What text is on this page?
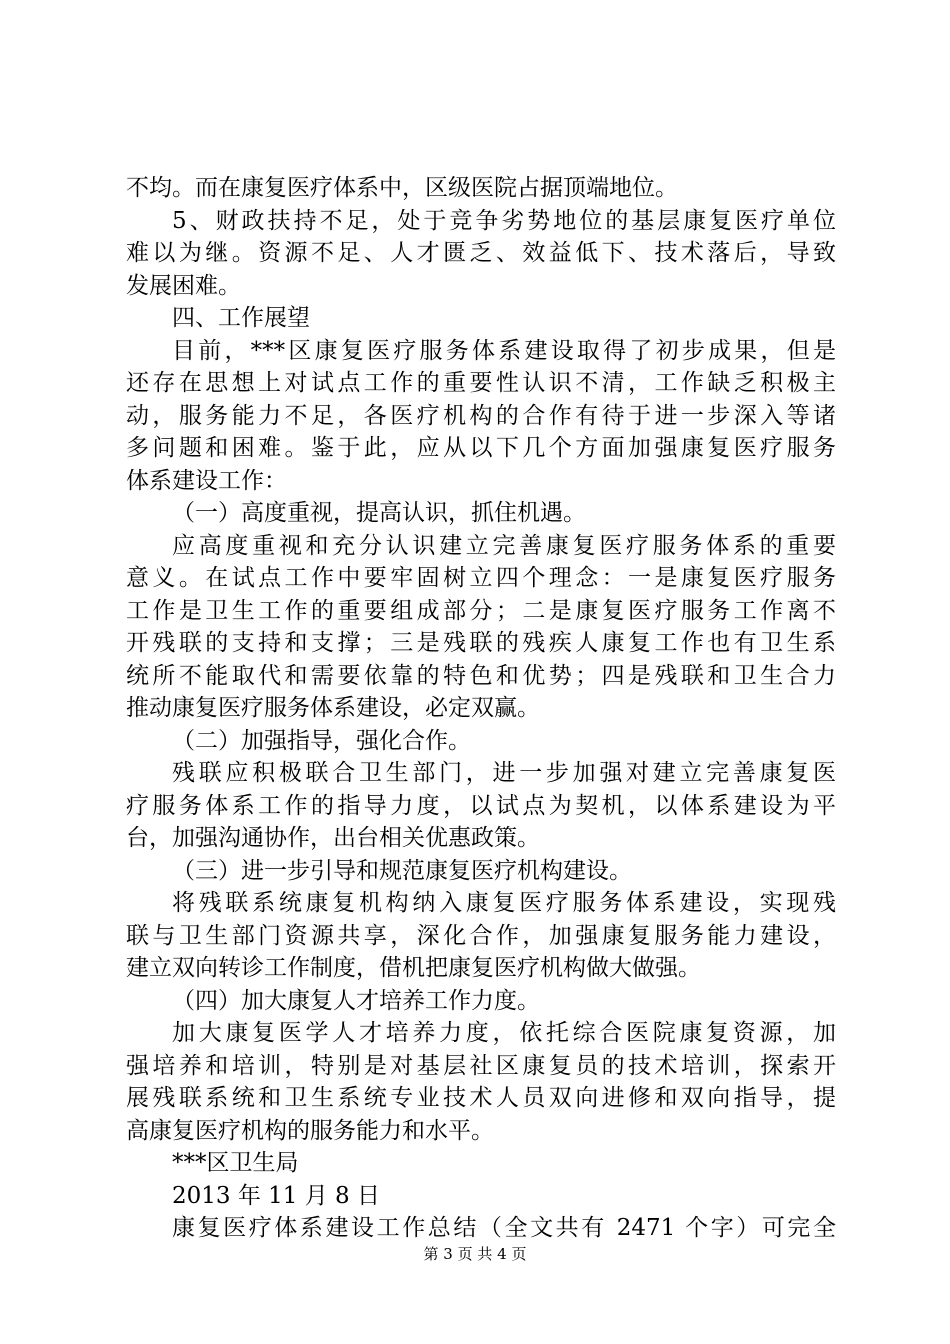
不均。而在康复医疗体系中，区级医院占据顶端地位。
5、财政扶持不足，处于竞争劣势地位的基层康复医疗单位
难以为继。资源不足、人才匮乏、效益低下、技术落后，导致
发展困难。
四、工作展望
目前，***区康复医疗服务体系建设取得了初步成果，但是
还存在思想上对试点工作的重要性认识不清，工作缺乏积极主
动，服务能力不足，各医疗机构的合作有待于进一步深入等诸
多问题和困难。鉴于此，应从以下几个方面加强康复医疗服务
体系建设工作：
（一）高度重视，提高认识，抓住机遇。
应高度重视和充分认识建立完善康复医疗服务体系的重要
意义。在试点工作中要牢固树立四个理念：一是康复医疗服务
工作是卫生工作的重要组成部分；二是康复医疗服务工作离不
开残联的支持和支撑；三是残联的残疾人康复工作也有卫生系
统所不能取代和需要依靠的特色和优势；四是残联和卫生合力
推动康复医疗服务体系建设，必定双赢。
（二）加强指导，强化合作。
残联应积极联合卫生部门，进一步加强对建立完善康复医
疗服务体系工作的指导力度，以试点为契机，以体系建设为平
台，加强沟通协作，出台相关优惠政策。
（三）进一步引导和规范康复医疗机构建设。
将残联系统康复机构纳入康复医疗服务体系建设，实现残
联与卫生部门资源共享，深化合作，加强康复服务能力建设，
建立双向转诊工作制度，借机把康复医疗机构做大做强。
（四）加大康复人才培养工作力度。
加大康复医学人才培养力度，依托综合医院康复资源，加
强培养和培训，特别是对基层社区康复员的技术培训，探索开
展残联系统和卫生系统专业技术人员双向进修和双向指导，提
高康复医疗机构的服务能力和水平。
***区卫生局
2013 年 11 月 8 日
康复医疗体系建设工作总结（全文共有 2471 个字）可完全
第 3 页 共 4 页
